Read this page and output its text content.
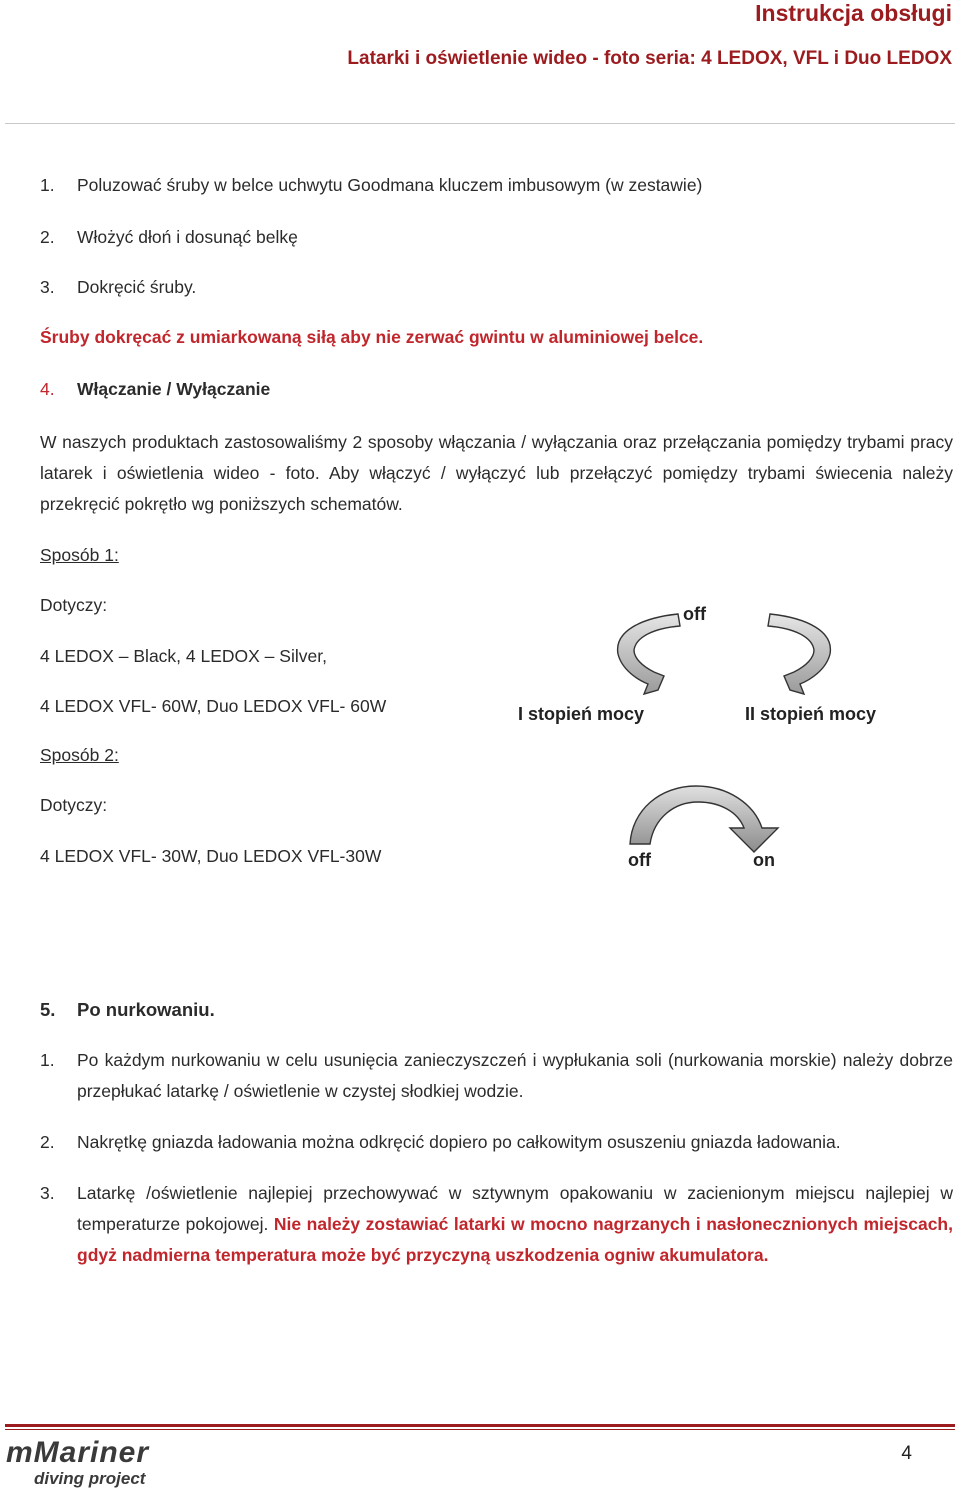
Instrukcja obsługi
Latarki i oświetlenie wideo - foto seria: 4 LEDOX, VFL i Duo LEDOX
1. Poluzować śruby w belce uchwytu Goodmana kluczem imbusowym (w zestawie)
2. Włożyć dłoń i dosunąć belkę
3. Dokręcić śruby.
Śruby dokręcać z umiarkowaną siłą aby nie zerwać gwintu w aluminiowej belce.
4. Włączanie / Wyłączanie
W naszych produktach zastosowaliśmy 2 sposoby włączania / wyłączania oraz przełączania pomiędzy trybami pracy latarek i oświetlenia wideo - foto. Aby włączyć / wyłączyć lub przełączyć pomiędzy trybami świecenia należy przekręcić pokrętło wg poniższych schematów.
Sposób 1:
Dotyczy:
4 LEDOX – Black, 4 LEDOX – Silver,
4 LEDOX VFL- 60W, Duo LEDOX VFL- 60W
off
I stopień mocy	II stopień mocy
Sposób 2:
Dotyczy:
4 LEDOX VFL- 30W, Duo LEDOX VFL-30W	off	on
5. Po nurkowaniu.
1. Po każdym nurkowaniu w celu usunięcia zanieczyszczeń i wypłukania soli (nurkowania morskie) należy dobrze przepłukać latarkę / oświetlenie w czystej słodkiej wodzie.
2. Nakrętkę gniazda ładowania można odkręcić dopiero po całkowitym osuszeniu gniazda ładowania.
3. Latarkę /oświetlenie najlepiej przechowywać w sztywnym opakowaniu w zacienionym miejscu najlepiej w temperaturze pokojowej. Nie należy zostawiać latarki w mocno nagrzanych i nasłonecznionych miejscach, gdyż nadmierna temperatura może być przyczyną uszkodzenia ogniw akumulatora.
mMariner
diving project
4
